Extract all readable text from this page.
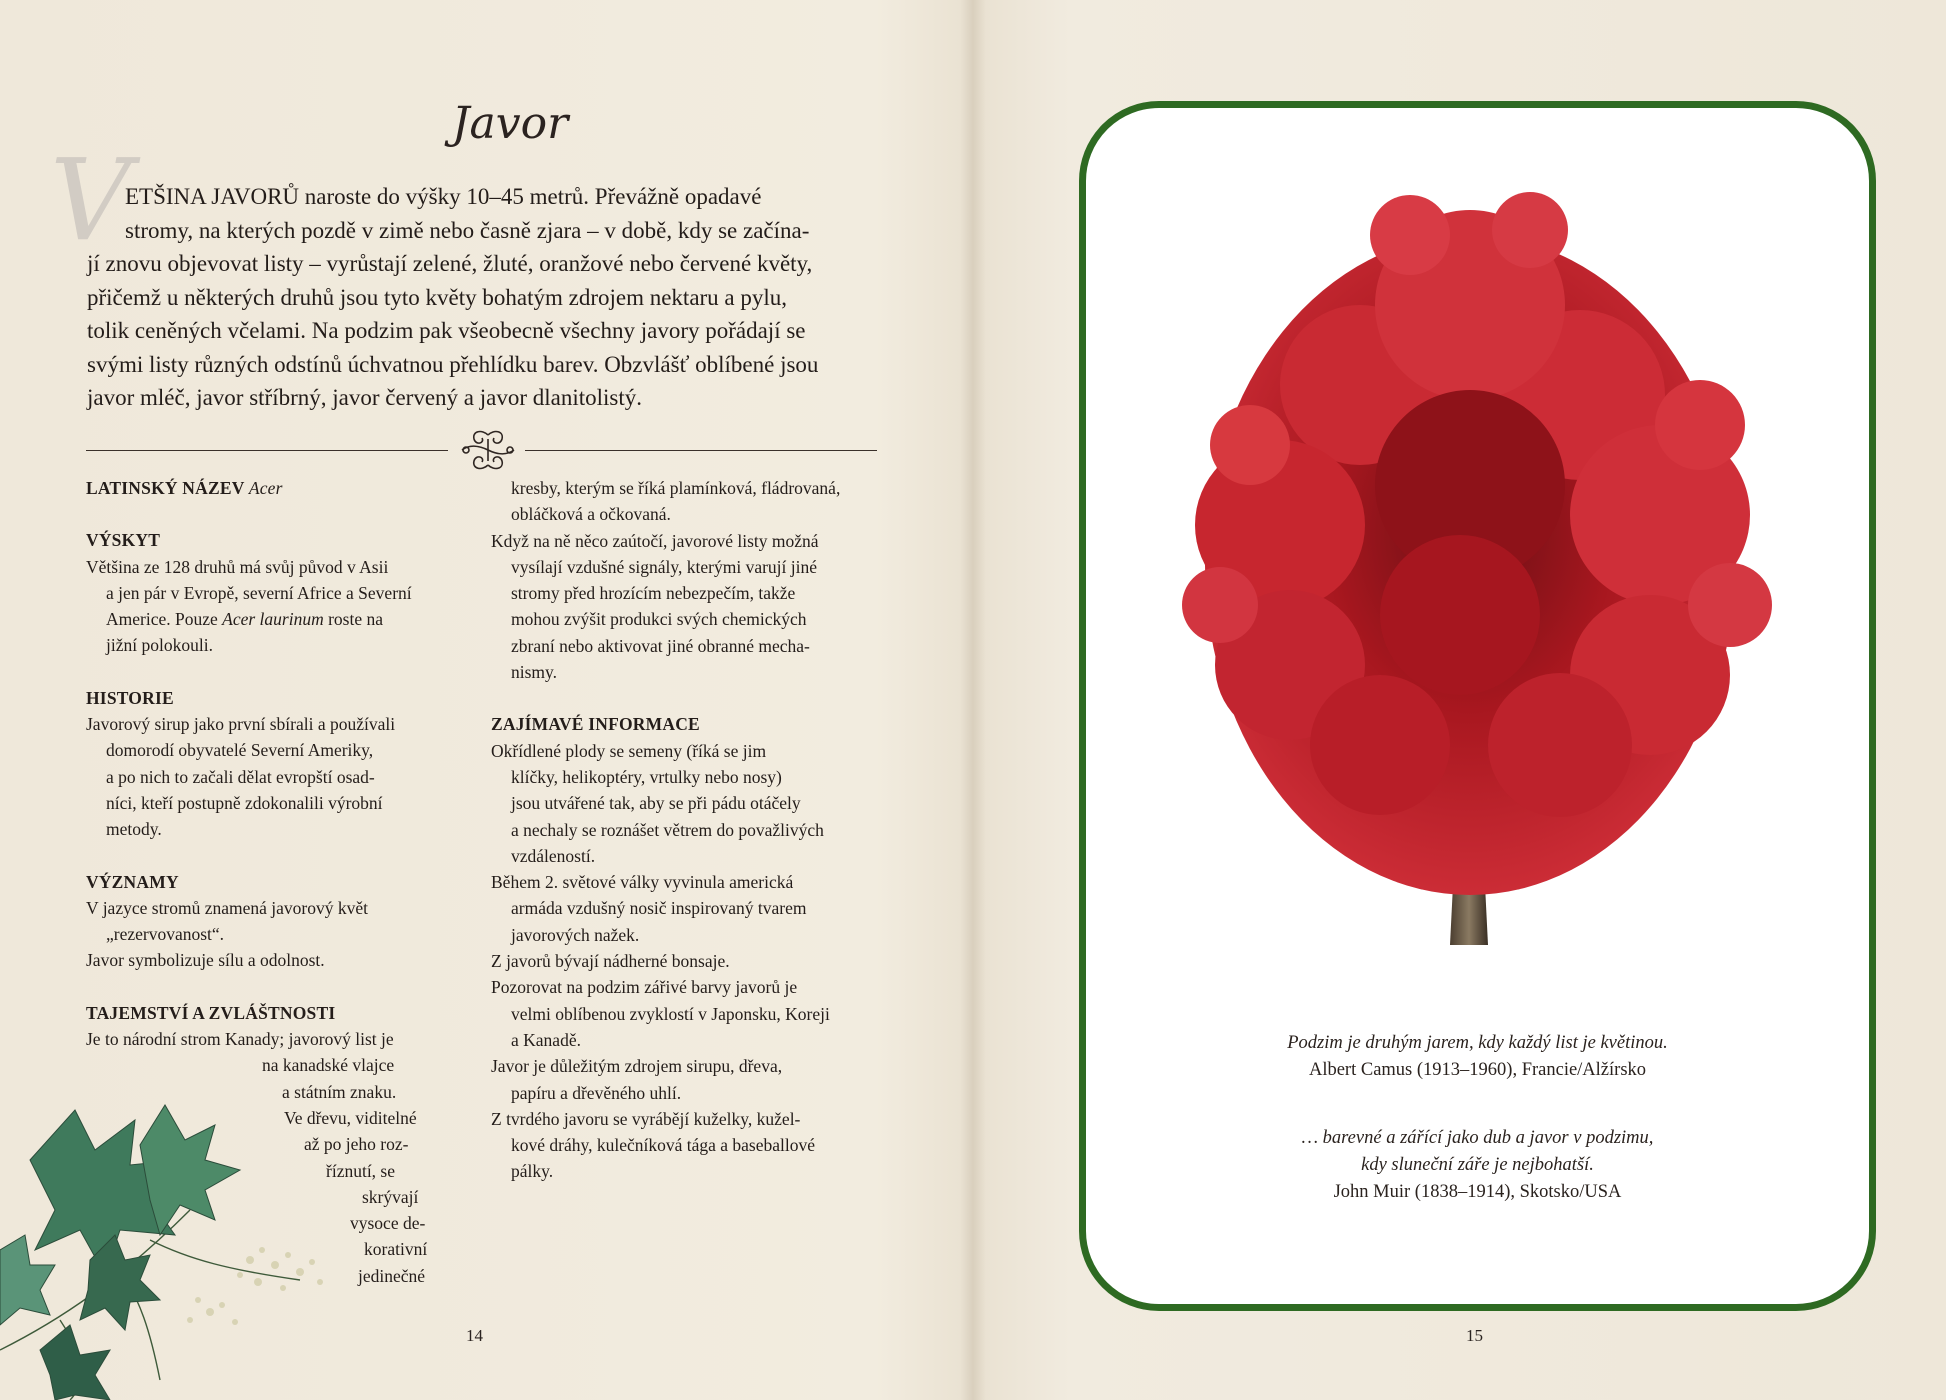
Javor
V
ETŠINA JAVORŮ naroste do výšky 10–45 metrů. Převážně opadavé
stromy, na kterých pozdě v zimě nebo časně zjara – v době, kdy se začína-
jí znovu objevovat listy – vyrůstají zelené, žluté, oranžové nebo červené květy,
přičemž u některých druhů jsou tyto květy bohatým zdrojem nektaru a pylu,
tolik ceněných včelami. Na podzim pak všeobecně všechny javory pořádají se
svými listy různých odstínů úchvatnou přehlídku barev. Obzvlášť oblíbené jsou
javor mléč, javor stříbrný, javor červený a javor dlanitolistý.
LATINSKÝ NÁZEV Acer
VÝSKYT
Většina ze 128 druhů má svůj původ v Asii
a jen pár v Evropě, severní Africe a Severní
Americe. Pouze Acer laurinum roste na
jižní polokouli.
HISTORIE
Javorový sirup jako první sbírali a používali
domorodí obyvatelé Severní Ameriky,
a po nich to začali dělat evropští osad-
níci, kteří postupně zdokonalili výrobní
metody.
VÝZNAMY
V jazyce stromů znamená javorový květ
„rezervovanost“.
Javor symbolizuje sílu a odolnost.
TAJEMSTVÍ A ZVLÁŠTNOSTI
Je to národní strom Kanady; javorový list je
na kanadské vlajce
a státním znaku.
Ve dřevu, viditelné
až po jeho roz-
říznutí, se
skrývají
vysoce de-
korativní
jedinečné
kresby, kterým se říká plamínková, fládrovaná,
obláčková a očkovaná.
Když na ně něco zaútočí, javorové listy možná
vysílají vzdušné signály, kterými varují jiné
stromy před hrozícím nebezpečím, takže
mohou zvýšit produkci svých chemických
zbraní nebo aktivovat jiné obranné mecha-
nismy.
ZAJÍMAVÉ INFORMACE
Okřídlené plody se semeny (říká se jim
klíčky, helikoptéry, vrtulky nebo nosy)
jsou utvářené tak, aby se při pádu otáčely
a nechaly se roznášet větrem do považlivých
vzdáleností.
Během 2. světové války vyvinula americká
armáda vzdušný nosič inspirovaný tvarem
javorových nažek.
Z javorů bývají nádherné bonsaje.
Pozorovat na podzim zářivé barvy javorů je
velmi oblíbenou zvyklostí v Japonsku, Koreji
a Kanadě.
Javor je důležitým zdrojem sirupu, dřeva,
papíru a dřevěného uhlí.
Z tvrdého javoru se vyrábějí kuželky, kužel-
kové dráhy, kulečníková tága a baseballové
pálky.
14
Podzim je druhým jarem, kdy každý list je květinou.
Albert Camus (1913–1960), Francie/Alžírsko
… barevné a zářící jako dub a javor v podzimu,
kdy sluneční záře je nejbohatší.
John Muir (1838–1914), Skotsko/USA
15
